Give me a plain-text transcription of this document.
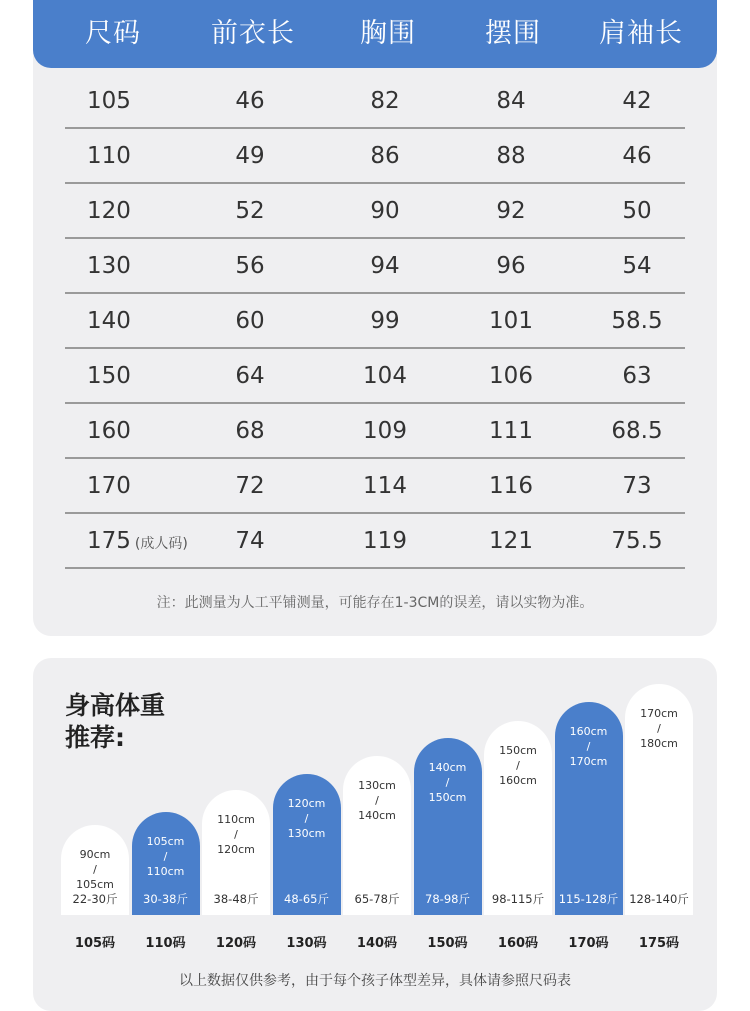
尺码	前衣长	胸围	摆围	肩袖长
105	46	82	84	42
110	49	86	88	46
120	52	90	92	50
130	56	94	96	54
140	60	99	101	58.5
150	64	104	106	63
160	68	109	111	68.5
170	72	114	116	73
175 (成人码)	74	119	121	75.5
注：此测量为人工平铺测量，可能存在1-3CM的误差，请以实物为准。
身高体重
推荐:
90cm
/
105cm
22-30斤
105码
105cm
/
110cm
30-38斤
110码
110cm
/
120cm
38-48斤
120码
120cm
/
130cm
48-65斤
130码
130cm
/
140cm
65-78斤
140码
140cm
/
150cm
78-98斤
150码
150cm
/
160cm
98-115斤
160码
160cm
/
170cm
115-128斤
170码
170cm
/
180cm
128-140斤
175码
以上数据仅供参考，由于每个孩子体型差异，具体请参照尺码表
